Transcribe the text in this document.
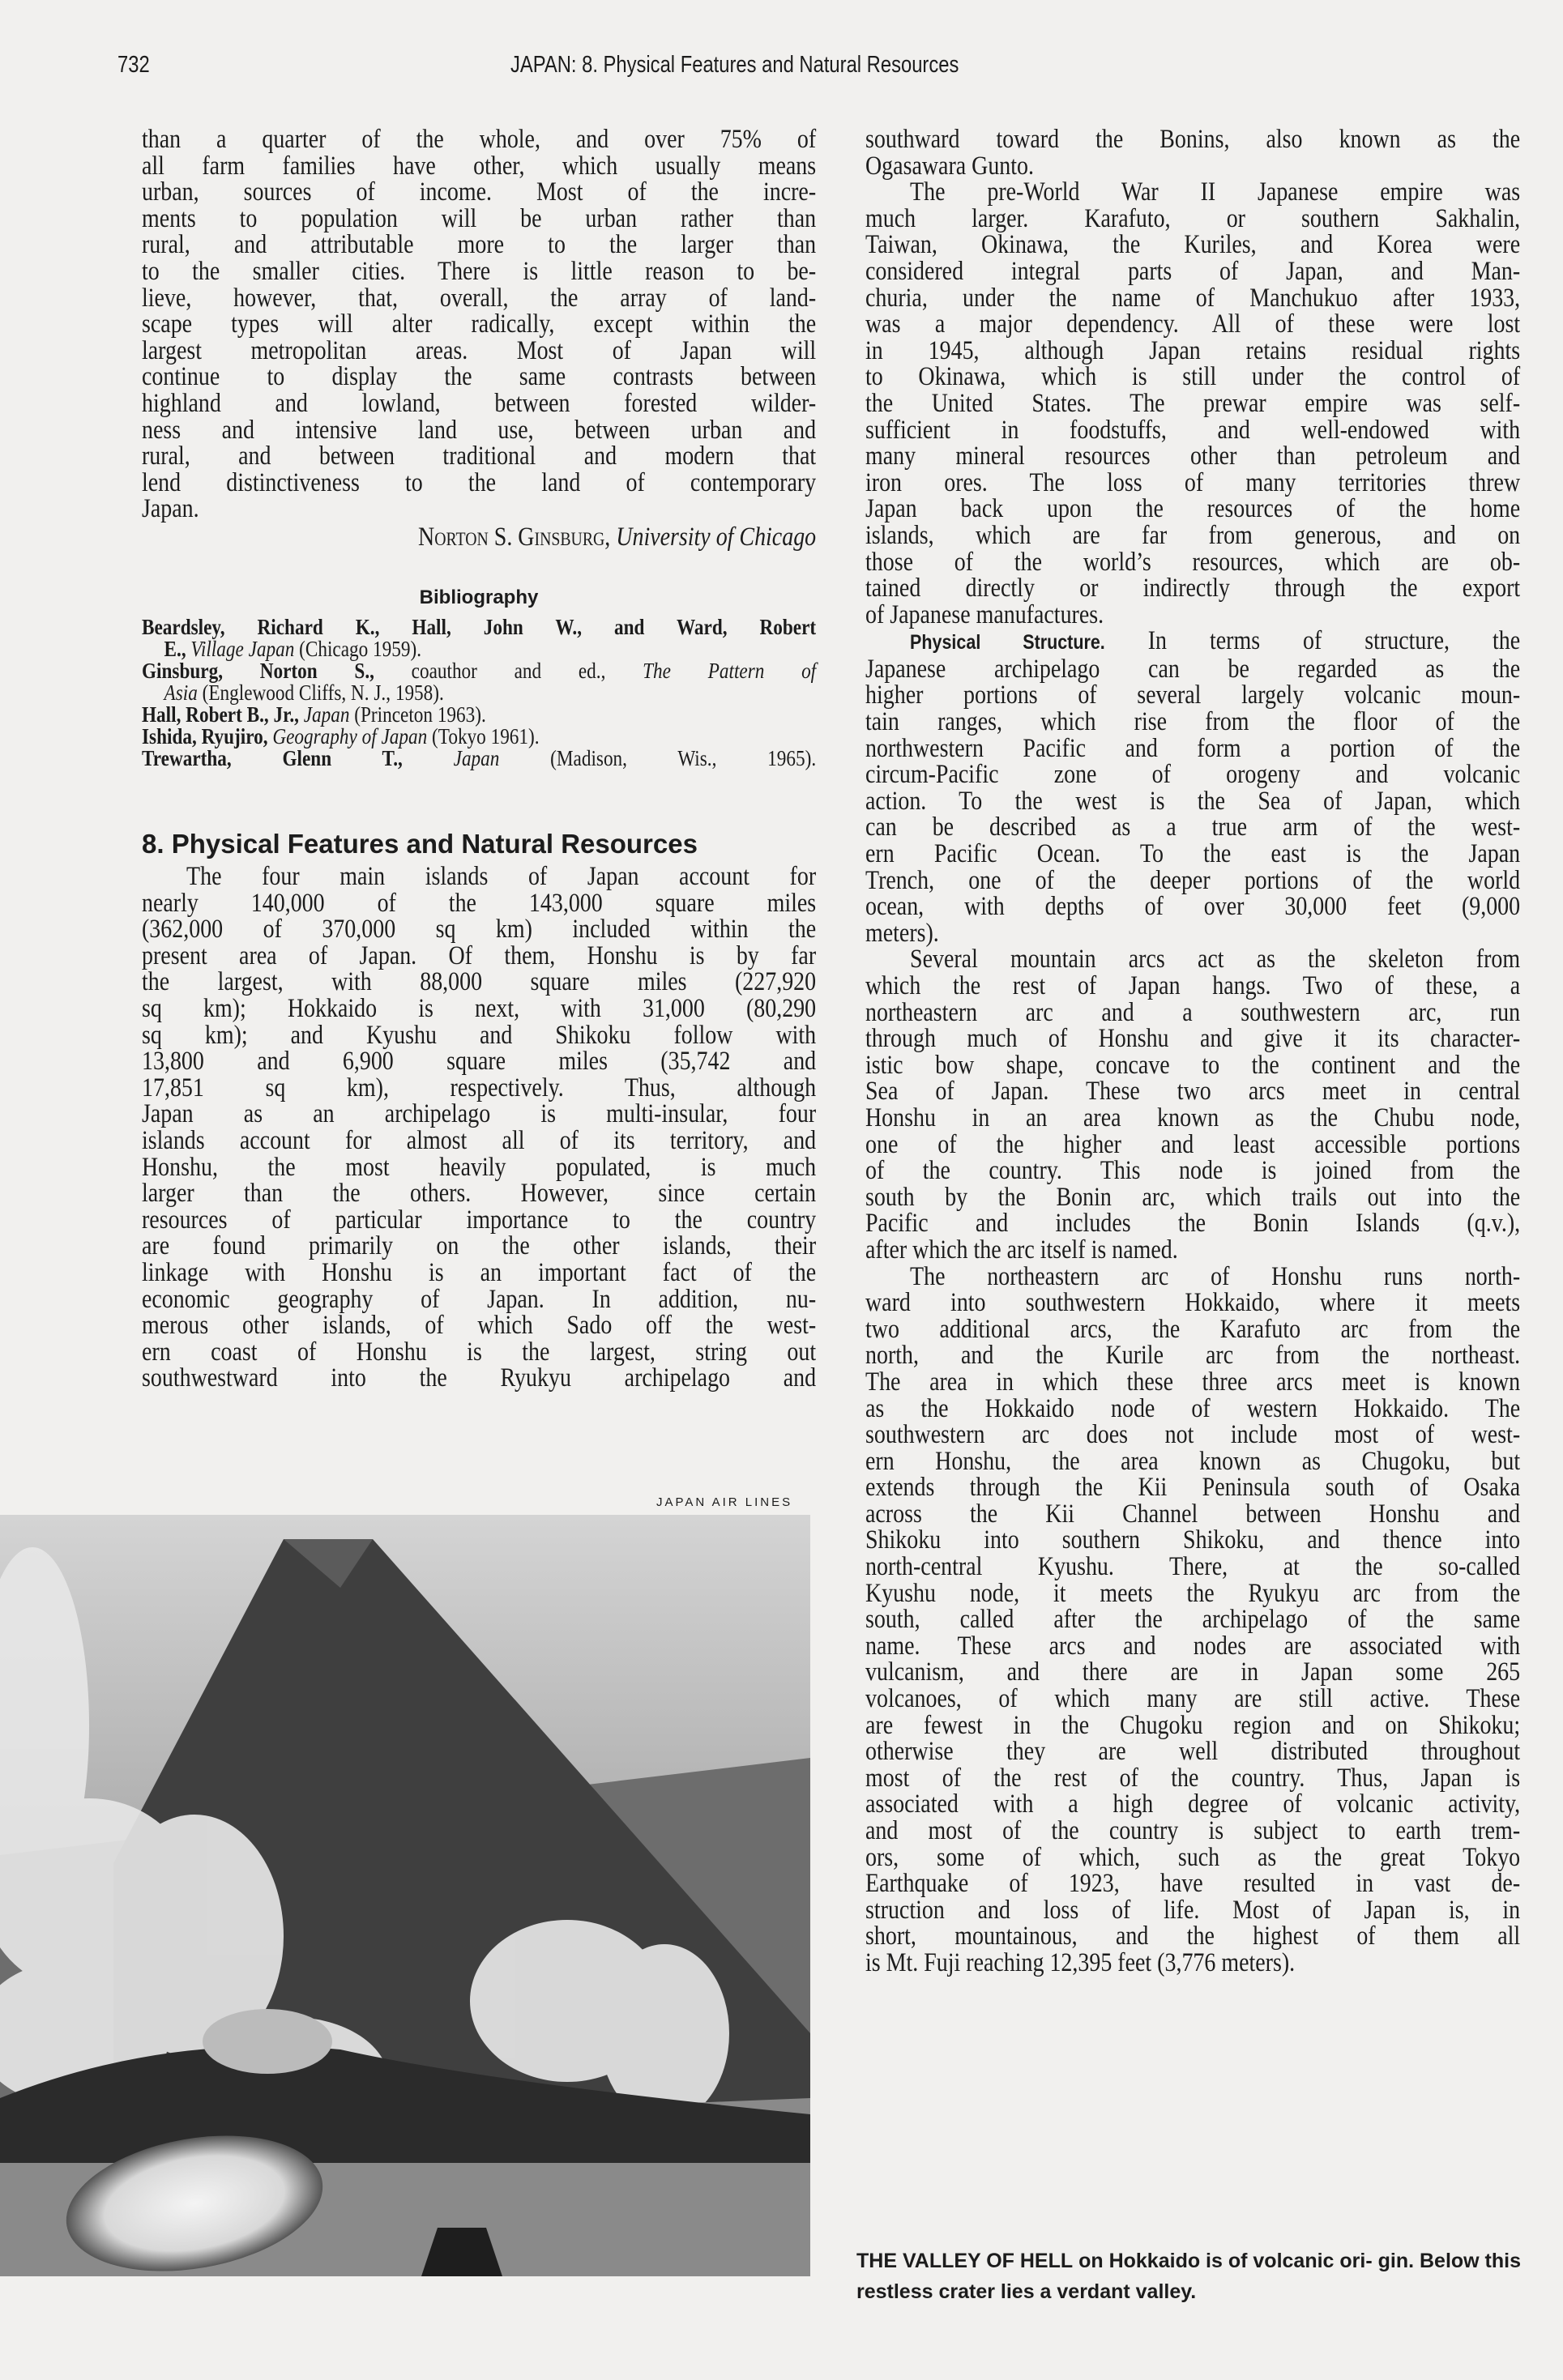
732	JAPAN: 8. Physical Features and Natural Resources

than a quarter of the whole, and over 75% of
all farm families have other, which usually means
urban, sources of income. Most of the incre-
ments to population will be urban rather than
rural, and attributable more to the larger than
to the smaller cities. There is little reason to be-
lieve, however, that, overall, the array of land-
scape types will alter radically, except within the
largest metropolitan areas. Most of Japan will
continue to display the same contrasts between
highland and lowland, between forested wilder-
ness and intensive land use, between urban and
rural, and between traditional and modern that
lend distinctiveness to the land of contemporary
Japan.

Norton S. Ginsburg, University of Chicago

Bibliography

Beardsley, Richard K., Hall, John W., and Ward, Robert
E., Village Japan (Chicago 1959).

Ginsburg, Norton S., coauthor and ed., The Pattern of
Asia (Englewood Cliffs, N. J., 1958).

Hall, Robert B., Jr., Japan (Princeton 1963).

Ishida, Ryujiro, Geography of Japan (Tokyo 1961).

Trewartha, Glenn T., Japan (Madison, Wis., 1965).

8. Physical Features and Natural Resources

The four main islands of Japan account for
nearly 140,000 of the 143,000 square miles
(362,000 of 370,000 sq km) included within the
present area of Japan. Of them, Honshu is by far
the largest, with 88,000 square miles (227,920
sq km); Hokkaido is next, with 31,000 (80,290
sq km); and Kyushu and Shikoku follow with
13,800 and 6,900 square miles (35,742 and
17,851 sq km), respectively. Thus, although
Japan as an archipelago is multi-insular, four
islands account for almost all of its territory, and
Honshu, the most heavily populated, is much
larger than the others. However, since certain
resources of particular importance to the country
are found primarily on the other islands, their
linkage with Honshu is an important fact of the
economic geography of Japan. In addition, nu-
merous other islands, of which Sado off the west-
ern coast of Honshu is the largest, string out
southwestward into the Ryukyu archipelago and

JAPAN AIR LINES

southward toward the Bonins, also known as the
Ogasawara Gunto.

The pre-World War II Japanese empire was
much larger. Karafuto, or southern Sakhalin,
Taiwan, Okinawa, the Kuriles, and Korea were
considered integral parts of Japan, and Man-
churia, under the name of Manchukuo after 1933,
was a major dependency. All of these were lost
in 1945, although Japan retains residual rights
to Okinawa, which is still under the control of
the United States. The prewar empire was self-
sufficient in foodstuffs, and well-endowed with
many mineral resources other than petroleum and
iron ores. The loss of many territories threw
Japan back upon the resources of the home
islands, which are far from generous, and on
those of the world’s resources, which are ob-
tained directly or indirectly through the export
of Japanese manufactures.

Physical Structure. In terms of structure, the
Japanese archipelago can be regarded as the
higher portions of several largely volcanic moun-
tain ranges, which rise from the floor of the
northwestern Pacific and form a portion of the
circum-Pacific zone of orogeny and volcanic
action. To the west is the Sea of Japan, which
can be described as a true arm of the west-
ern Pacific Ocean. To the east is the Japan
Trench, one of the deeper portions of the world
ocean, with depths of over 30,000 feet (9,000
meters).

Several mountain arcs act as the skeleton from
which the rest of Japan hangs. Two of these, a
northeastern arc and a southwestern arc, run
through much of Honshu and give it its character-
istic bow shape, concave to the continent and the
Sea of Japan. These two arcs meet in central
Honshu in an area known as the Chubu node,
one of the higher and least accessible portions
of the country. This node is joined from the
south by the Bonin arc, which trails out into the
Pacific and includes the Bonin Islands (q.v.),
after which the arc itself is named.

The northeastern arc of Honshu runs north-
ward into southwestern Hokkaido, where it meets
two additional arcs, the Karafuto arc from the
north, and the Kurile arc from the northeast.
The area in which these three arcs meet is known
as the Hokkaido node of western Hokkaido. The
southwestern arc does not include most of west-
ern Honshu, the area known as Chugoku, but
extends through the Kii Peninsula south of Osaka
across the Kii Channel between Honshu and
Shikoku into southern Shikoku, and thence into
north-central Kyushu. There, at the so-called
Kyushu node, it meets the Ryukyu arc from the
south, called after the archipelago of the same
name. These arcs and nodes are associated with
vulcanism, and there are in Japan some 265
volcanoes, of which many are still active. These
are fewest in the Chugoku region and on Shikoku;
otherwise they are well distributed throughout
most of the rest of the country. Thus, Japan is
associated with a high degree of volcanic activity,
and most of the country is subject to earth trem-
ors, some of which, such as the great Tokyo
Earthquake of 1923, have resulted in vast de-
struction and loss of life. Most of Japan is, in
short, mountainous, and the highest of them all
is Mt. Fuji reaching 12,395 feet (3,776 meters).

THE VALLEY OF HELL on Hokkaido is of volcanic ori- gin. Below this restless crater lies a verdant valley.
